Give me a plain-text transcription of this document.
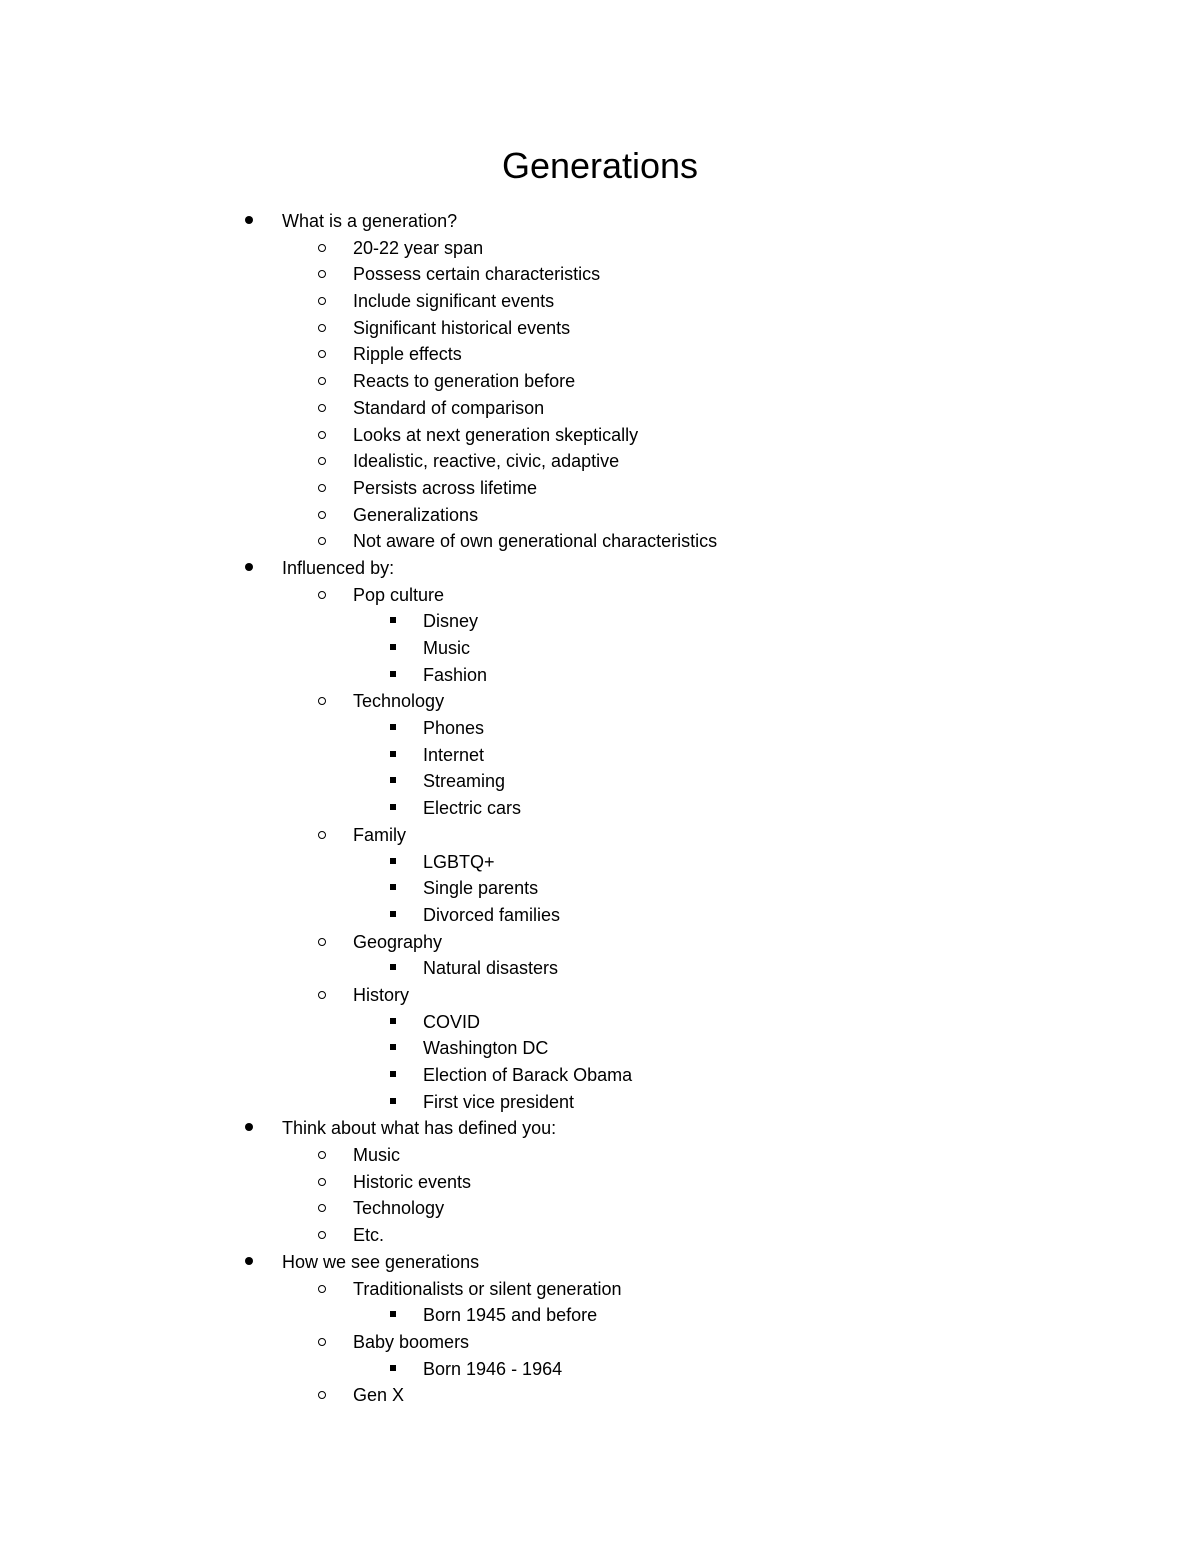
Generations
What is a generation?
20-22 year span
Possess certain characteristics
Include significant events
Significant historical events
Ripple effects
Reacts to generation before
Standard of comparison
Looks at next generation skeptically
Idealistic, reactive, civic, adaptive
Persists across lifetime
Generalizations
Not aware of own generational characteristics
Influenced by:
Pop culture
Disney
Music
Fashion
Technology
Phones
Internet
Streaming
Electric cars
Family
LGBTQ+
Single parents
Divorced families
Geography
Natural disasters
History
COVID
Washington DC
Election of Barack Obama
First vice president
Think about what has defined you:
Music
Historic events
Technology
Etc.
How we see generations
Traditionalists or silent generation
Born 1945 and before
Baby boomers
Born 1946 - 1964
Gen X
